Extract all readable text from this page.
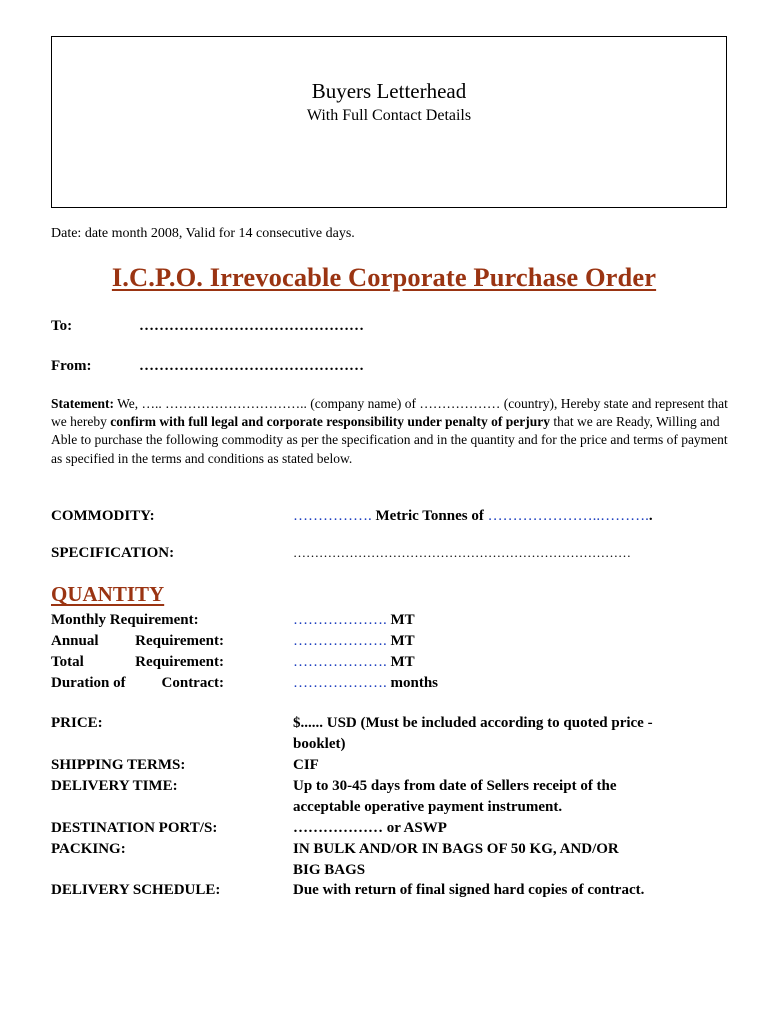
Buyers Letterhead
With Full Contact Details
Date: date month 2008, Valid for 14 consecutive days.
I.C.P.O. Irrevocable Corporate Purchase Order
To:	………………………………………
From:	………………………………………
Statement: We, ….. ………………………….. (company name) of ……………… (country), Hereby state and represent that we hereby confirm with full legal and corporate responsibility under penalty of perjury that we are Ready, Willing and Able to purchase the following commodity as per the specification and in the quantity and for the price and terms of payment as specified in the terms and conditions as stated below.
COMMODITY:	……………. Metric Tonnes of …………………..………..
SPECIFICATION:	……………………………………………………………………
QUANTITY
Monthly Requirement:	………………. MT
Annual Requirement:	………………. MT
Total	Requirement:	………………. MT
Duration of Contract:	………………. months
PRICE:	$...... USD (Must be included according to quoted price - booklet)
SHIPPING TERMS:	CIF
DELIVERY TIME:	Up to 30-45 days from date of Sellers receipt of the acceptable operative payment instrument.
DESTINATION PORT/S:	……………… or ASWP
PACKING:	IN BULK AND/OR IN BAGS OF 50 KG, AND/OR BIG BAGS
DELIVERY SCHEDULE:	Due with return of final signed hard copies of contract.
